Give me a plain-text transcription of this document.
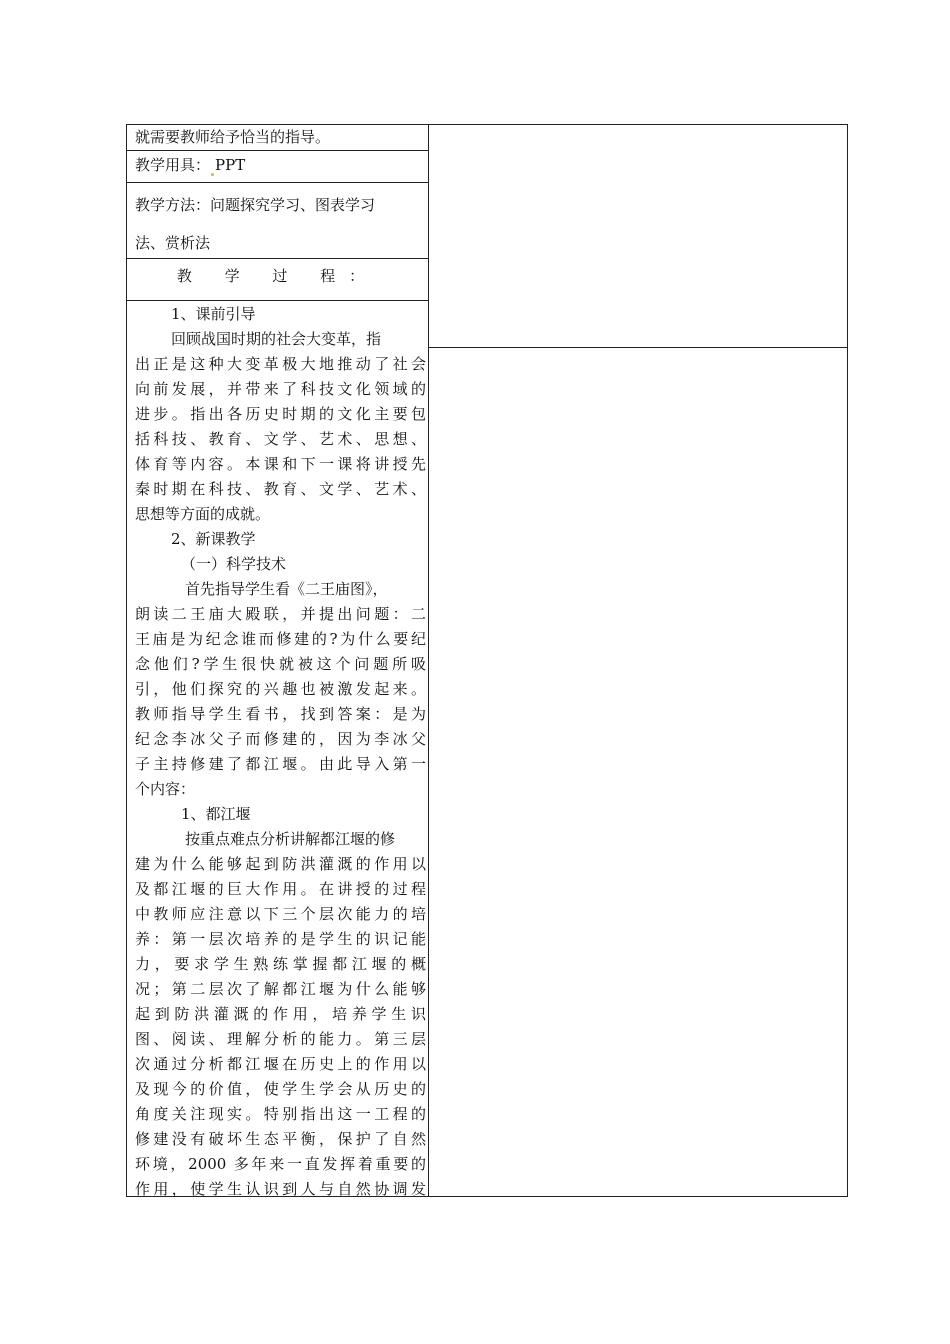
就需要教师给予恰当的指导。
教学用具： PPT
教学方法：问题探究学习、图表学习
法、赏析法
教 学 过 程：
1、课前引导
回顾战国时期的社会大变革，指
出正是这种大变革极大地推动了社会
向前发展，并带来了科技文化领域的
进步。指出各历史时期的文化主要包
括科技、教育、文学、艺术、思想、
体育等内容。本课和下一课将讲授先
秦时期在科技、教育、文学、艺术、
思想等方面的成就。
2、新课教学
（一）科学技术
首先指导学生看《二王庙图》，
朗读二王庙大殿联，并提出问题：二
王庙是为纪念谁而修建的?为什么要纪
念他们?学生很快就被这个问题所吸
引，他们探究的兴趣也被激发起来。
教师指导学生看书，找到答案：是为
纪念李冰父子而修建的，因为李冰父
子主持修建了都江堰。由此导入第一
个内容：
1、都江堰
按重点难点分析讲解都江堰的修
建为什么能够起到防洪灌溉的作用以
及都江堰的巨大作用。在讲授的过程
中教师应注意以下三个层次能力的培
养：第一层次培养的是学生的识记能
力，要求学生熟练掌握都江堰的概
况；第二层次了解都江堰为什么能够
起到防洪灌溉的作用，培养学生识
图、阅读、理解分析的能力。第三层
次通过分析都江堰在历史上的作用以
及现今的价值，使学生学会从历史的
角度关注现实。特别指出这一工程的
修建没有破坏生态平衡，保护了自然
环境，2000 多年来一直发挥着重要的
作用，使学生认识到人与自然协调发
